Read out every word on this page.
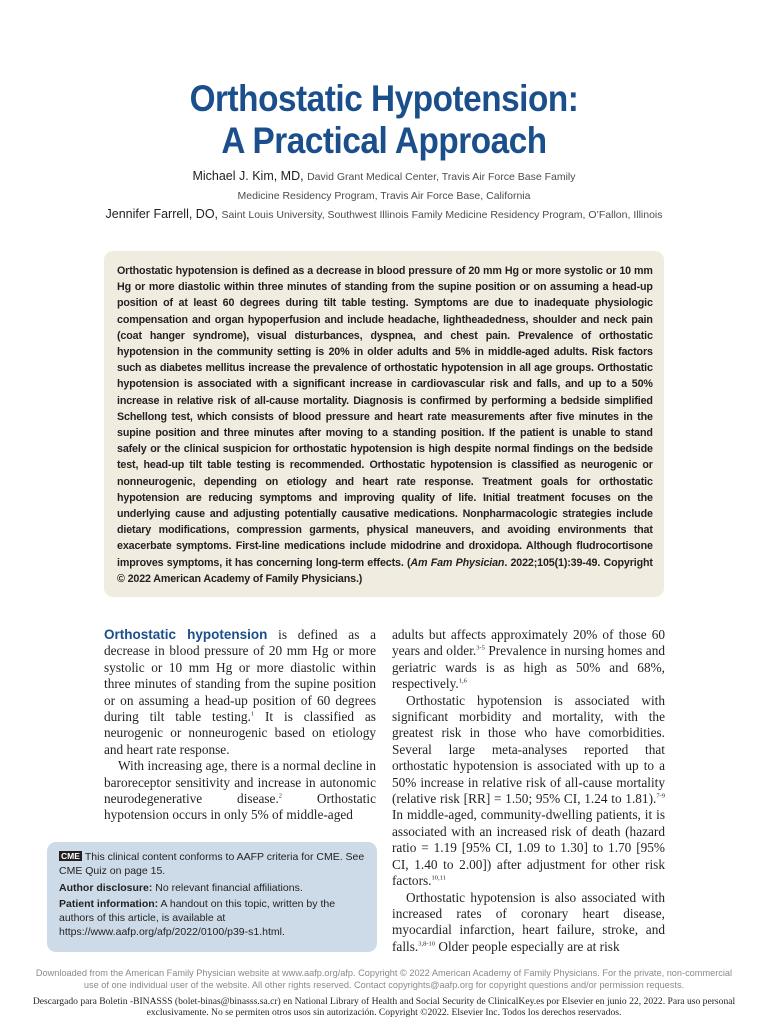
Orthostatic Hypotension:
A Practical Approach
Michael J. Kim, MD, David Grant Medical Center, Travis Air Force Base Family
Medicine Residency Program, Travis Air Force Base, California
Jennifer Farrell, DO, Saint Louis University, Southwest Illinois Family Medicine Residency Program, O’Fallon, Illinois

Orthostatic hypotension is defined as a decrease in blood pressure of 20 mm Hg or more systolic or 10 mm Hg or more diastolic within three minutes of standing from the supine position or on assuming a head-up position of at least 60 degrees during tilt table testing. Symptoms are due to inadequate physiologic compensation and organ hypoperfusion and include headache, lightheadedness, shoulder and neck pain (coat hanger syndrome), visual disturbances, dyspnea, and chest pain. Prevalence of orthostatic hypotension in the community setting is 20% in older adults and 5% in middle-aged adults. Risk factors such as diabetes mellitus increase the prevalence of orthostatic hypotension in all age groups. Orthostatic hypotension is associated with a significant increase in cardiovascular risk and falls, and up to a 50% increase in relative risk of all-cause mortality. Diagnosis is confirmed by performing a bedside simplified Schellong test, which consists of blood pressure and heart rate measurements after five minutes in the supine position and three minutes after moving to a standing position. If the patient is unable to stand safely or the clinical suspicion for orthostatic hypotension is high despite normal findings on the bedside test, head-up tilt table testing is recommended. Orthostatic hypotension is classified as neurogenic or nonneurogenic, depending on etiology and heart rate response. Treatment goals for orthostatic hypotension are reducing symptoms and improving quality of life. Initial treatment focuses on the underlying cause and adjusting potentially causative medications. Nonpharmacologic strategies include dietary modifications, compression garments, physical maneuvers, and avoiding environments that exacerbate symptoms. First-line medications include midodrine and droxidopa. Although fludrocortisone improves symptoms, it has concerning long-term effects. (Am Fam Physician. 2022;105(1):39-49. Copyright © 2022 American Academy of Family Physicians.)

Orthostatic hypotension is defined as a decrease in blood pressure of 20 mm Hg or more systolic or 10 mm Hg or more diastolic within three minutes of standing from the supine position or on assuming a head-up position of 60 degrees during tilt table testing.$^1$ It is classified as neurogenic or nonneurogenic based on etiology and heart rate response.

With increasing age, there is a normal decline in baroreceptor sensitivity and increase in autonomic neurodegenerative disease.$^2$ Orthostatic hypotension occurs in only 5% of middle-aged

adults but affects approximately 20% of those 60 years and older.$^{3-5}$ Prevalence in nursing homes and geriatric wards is as high as 50% and 68%, respectively.$^{1,6}$

Orthostatic hypotension is associated with significant morbidity and mortality, with the greatest risk in those who have comorbidities. Several large meta-analyses reported that orthostatic hypotension is associated with up to a 50% increase in relative risk of all-cause mortality (relative risk [RR] = 1.50; 95% CI, 1.24 to 1.81).$^{7-9}$ In middle-aged, community-dwelling patients, it is associated with an increased risk of death (hazard ratio = 1.19 [95% CI, 1.09 to 1.30] to 1.70 [95% CI, 1.40 to 2.00]) after adjustment for other risk factors.$^{10,11}$

Orthostatic hypotension is also associated with increased rates of coronary heart disease, myocardial infarction, heart failure, stroke, and falls.$^{3,8-10}$ Older people especially are at risk

CME This clinical content conforms to AAFP criteria for CME. See CME Quiz on page 15.

Author disclosure: No relevant financial affiliations.

Patient information: A handout on this topic, written by the authors of this article, is available at https://www.aafp.org/afp/2022/0100/p39-s1.html.

Downloaded from the American Family Physician website at www.aafp.org/afp. Copyright © 2022 American Academy of Family Physicians. For the private, non-commercial use of one individual user of the website. All other rights reserved. Contact copyrights@aafp.org for copyright questions and/or permission requests.
Descargado para Boletin -BINASSS (bolet-binas@binasss.sa.cr) en National Library of Health and Social Security de ClinicalKey.es por Elsevier en junio 22, 2022. Para uso personal exclusivamente. No se permiten otros usos sin autorización. Copyright ©2022. Elsevier Inc. Todos los derechos reservados.
